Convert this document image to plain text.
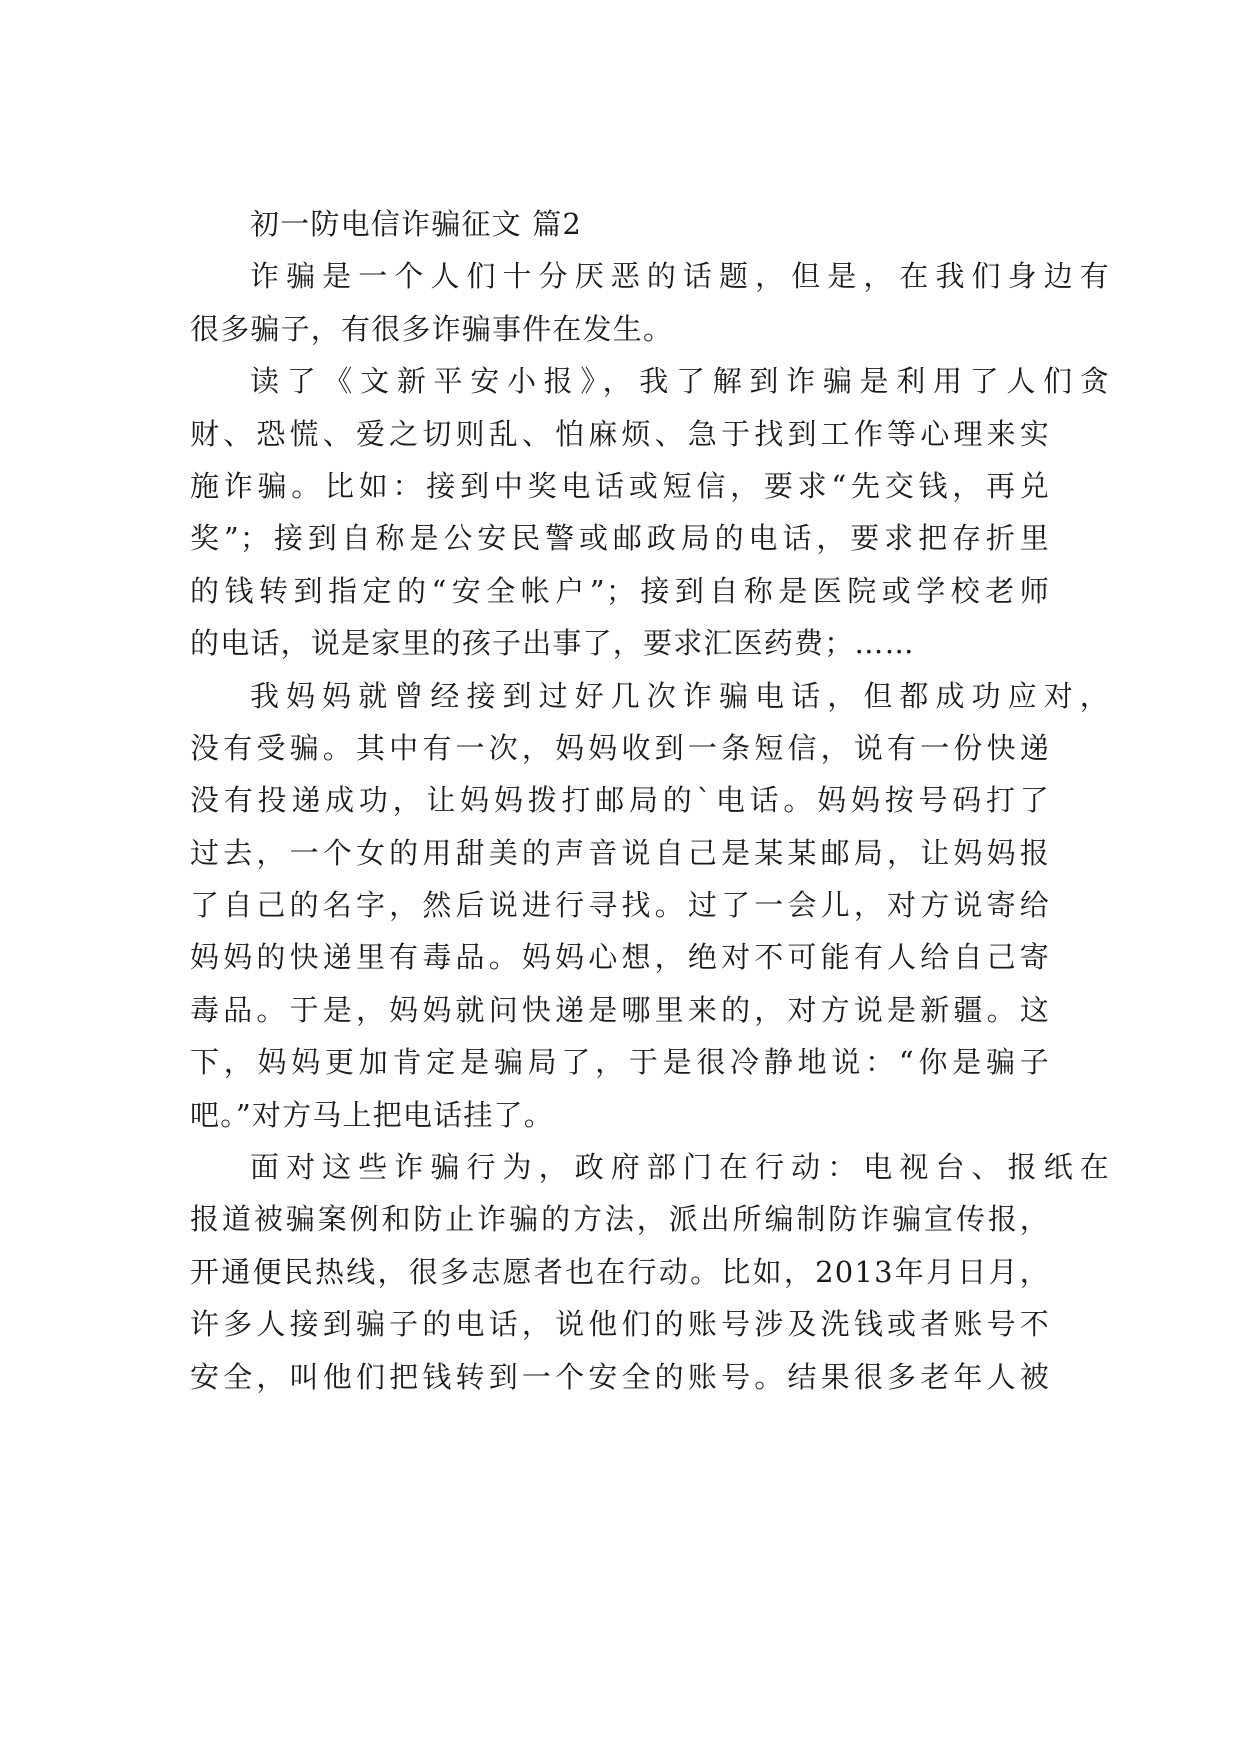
初一防电信诈骗征文 篇2
诈骗是一个人们十分厌恶的话题，但是，在我们身边有
很多骗子，有很多诈骗事件在发生。
读了《文新平安小报》，我了解到诈骗是利用了人们贪
财、恐慌、爱之切则乱、怕麻烦、急于找到工作等心理来实
施诈骗。比如：接到中奖电话或短信，要求“先交钱，再兑
奖”；接到自称是公安民警或邮政局的电话，要求把存折里
的钱转到指定的“安全帐户”；接到自称是医院或学校老师
的电话，说是家里的孩子出事了，要求汇医药费；……
我妈妈就曾经接到过好几次诈骗电话，但都成功应对，
没有受骗。其中有一次，妈妈收到一条短信，说有一份快递
没有投递成功，让妈妈拨打邮局的`电话。妈妈按号码打了
过去，一个女的用甜美的声音说自己是某某邮局，让妈妈报
了自己的名字，然后说进行寻找。过了一会儿，对方说寄给
妈妈的快递里有毒品。妈妈心想，绝对不可能有人给自己寄
毒品。于是，妈妈就问快递是哪里来的，对方说是新疆。这
下，妈妈更加肯定是骗局了，于是很冷静地说：“你是骗子
吧。”对方马上把电话挂了。
面对这些诈骗行为，政府部门在行动：电视台、报纸在
报道被骗案例和防止诈骗的方法，派出所编制防诈骗宣传报，
开通便民热线，很多志愿者也在行动。比如，2013年月日月，
许多人接到骗子的电话，说他们的账号涉及洗钱或者账号不
安全，叫他们把钱转到一个安全的账号。结果很多老年人被
